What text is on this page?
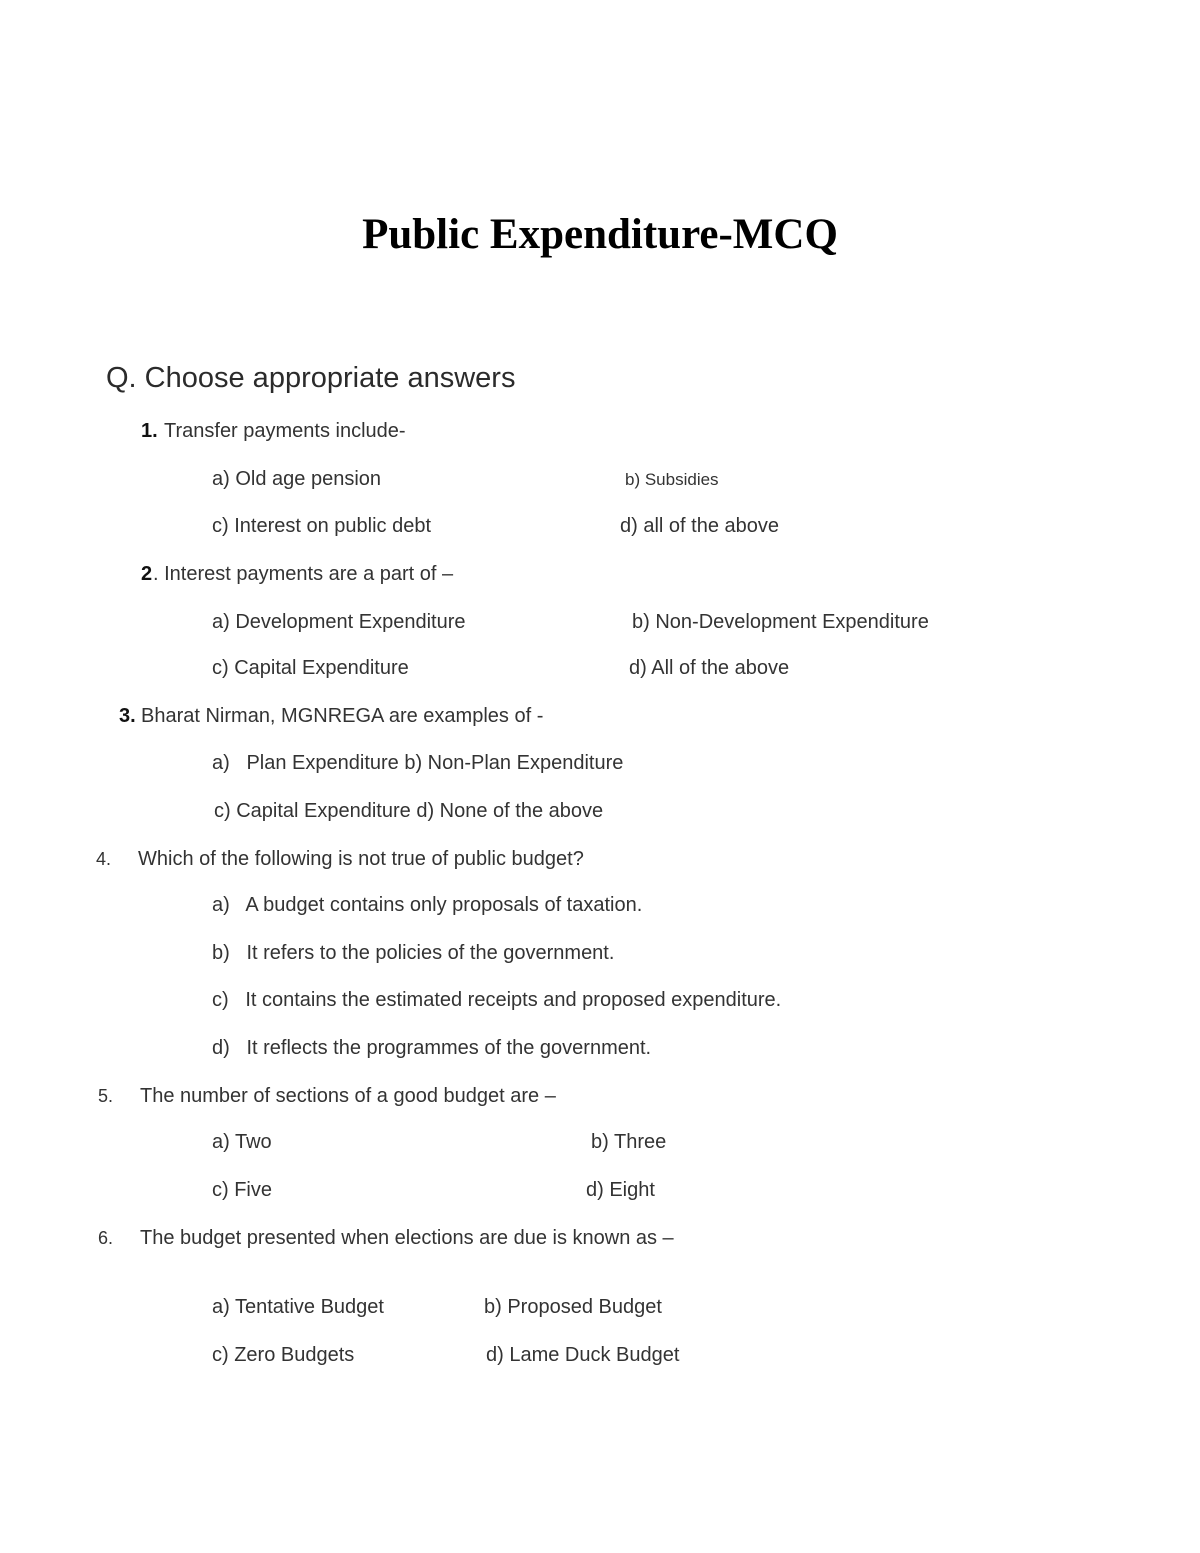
Public Expenditure-MCQ
Q. Choose appropriate answers
1. Transfer payments include-
a) Old age pension	b) Subsidies
c) Interest on public debt	d) all of the above
2 . Interest payments are a part of –
a) Development Expenditure	b) Non-Development Expenditure
c) Capital Expenditure	d) All of the above
3. Bharat Nirman, MGNREGA are examples of -
a)   Plan Expenditure b) Non-Plan Expenditure
c) Capital Expenditure d) None of the above
4. Which of the following is not true of public budget?
a)   A budget contains only proposals of taxation.
b)   It refers to the policies of the government.
c)   It contains the estimated receipts and proposed expenditure.
d)   It reflects the programmes of the government.
5. The number of sections of a good budget are –
a) Two	b) Three
c) Five	d) Eight
6. The budget presented when elections are due is known as –
a) Tentative Budget	b) Proposed Budget
c) Zero Budgets	d) Lame Duck Budget
